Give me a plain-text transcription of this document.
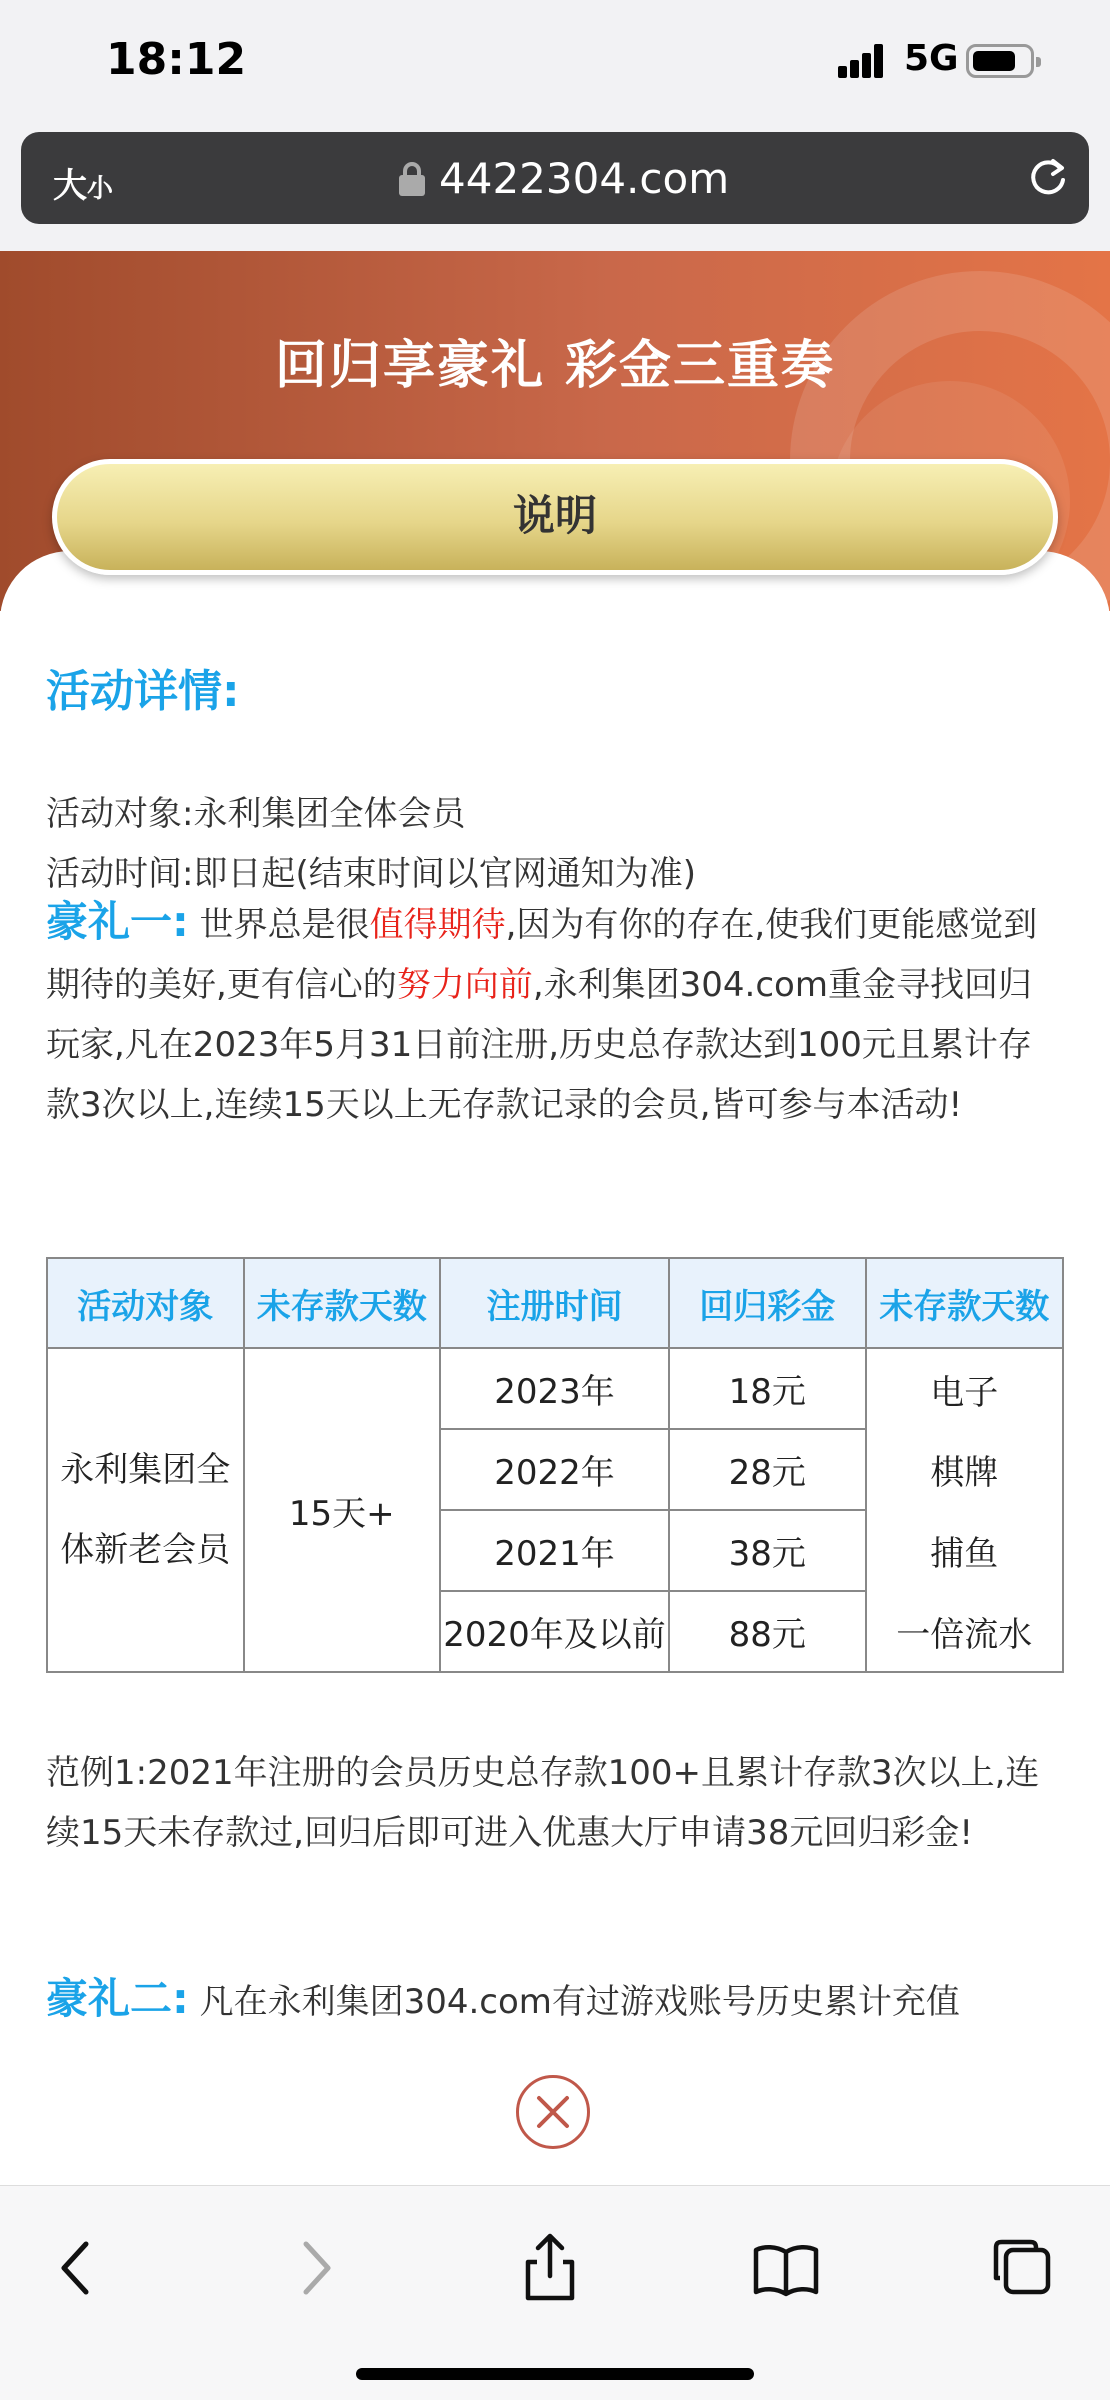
18:12	5G
大小	4422304.com
回归享豪礼 彩金三重奏
说明
活动详情:
活动对象:永利集团全体会员
活动时间:即日起(结束时间以官网通知为准)
豪礼一: 世界总是很值得期待,因为有你的存在,使我们更能感觉到期待的美好,更有信心的努力向前,永利集团304.com重金寻找回归玩家,凡在2023年5月31日前注册,历史总存款达到100元且累计存款3次以上,连续15天以上无存款记录的会员,皆可参与本活动!
活动对象	未存款天数	注册时间	回归彩金	未存款天数
永利集团全体新老会员	15天+	2023年	18元	电子
		2022年	28元	棋牌
		2021年	38元	捕鱼
		2020年及以前	88元	一倍流水
范例1:2021年注册的会员历史总存款100+且累计存款3次以上,连续15天未存款过,回归后即可进入优惠大厅申请38元回归彩金!
豪礼二: 凡在永利集团304.com有过游戏账号历史累计充值
